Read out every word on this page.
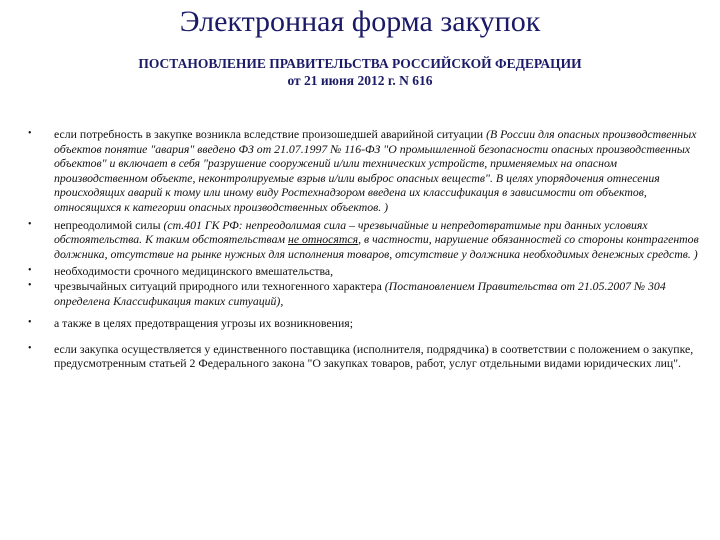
Электронная форма закупок
ПОСТАНОВЛЕНИЕ ПРАВИТЕЛЬСТВА РОССИЙСКОЙ ФЕДЕРАЦИИ
от 21 июня 2012 г. N 616
• если потребность в закупке возникла вследствие произошедшей аварийной ситуации (В России для опасных производственных объектов понятие "авария" введено ФЗ от 21.07.1997 № 116-ФЗ "О промышленной безопасности опасных производственных объектов" и включает в себя "разрушение сооружений и/или технических устройств, применяемых на опасном производственном объекте, неконтролируемые взрыв и/или выброс опасных веществ". В целях упорядочения отнесения происходящих аварий к тому или иному виду Ростехнадзором введена их классификация в зависимости от объектов, относящихся к категории опасных производственных объектов. )
• непреодолимой силы (ст.401 ГК РФ: непреодолимая сила – чрезвычайные и непредотвратимые при данных условиях обстоятельства. К таким обстоятельствам не относятся, в частности, нарушение обязанностей со стороны контрагентов должника, отсутствие на рынке нужных для исполнения товаров, отсутствие у должника необходимых денежных средств. )
• необходимости срочного медицинского вмешательства,
• чрезвычайных ситуаций природного или техногенного характера (Постановлением Правительства от 21.05.2007 № 304 определена Классификация таких ситуаций),
• а также в целях предотвращения угрозы их возникновения;
• если закупка осуществляется у единственного поставщика (исполнителя, подрядчика) в соответствии с положением о закупке, предусмотренным статьей 2 Федерального закона "О закупках товаров, работ, услуг отдельными видами юридических лиц".
